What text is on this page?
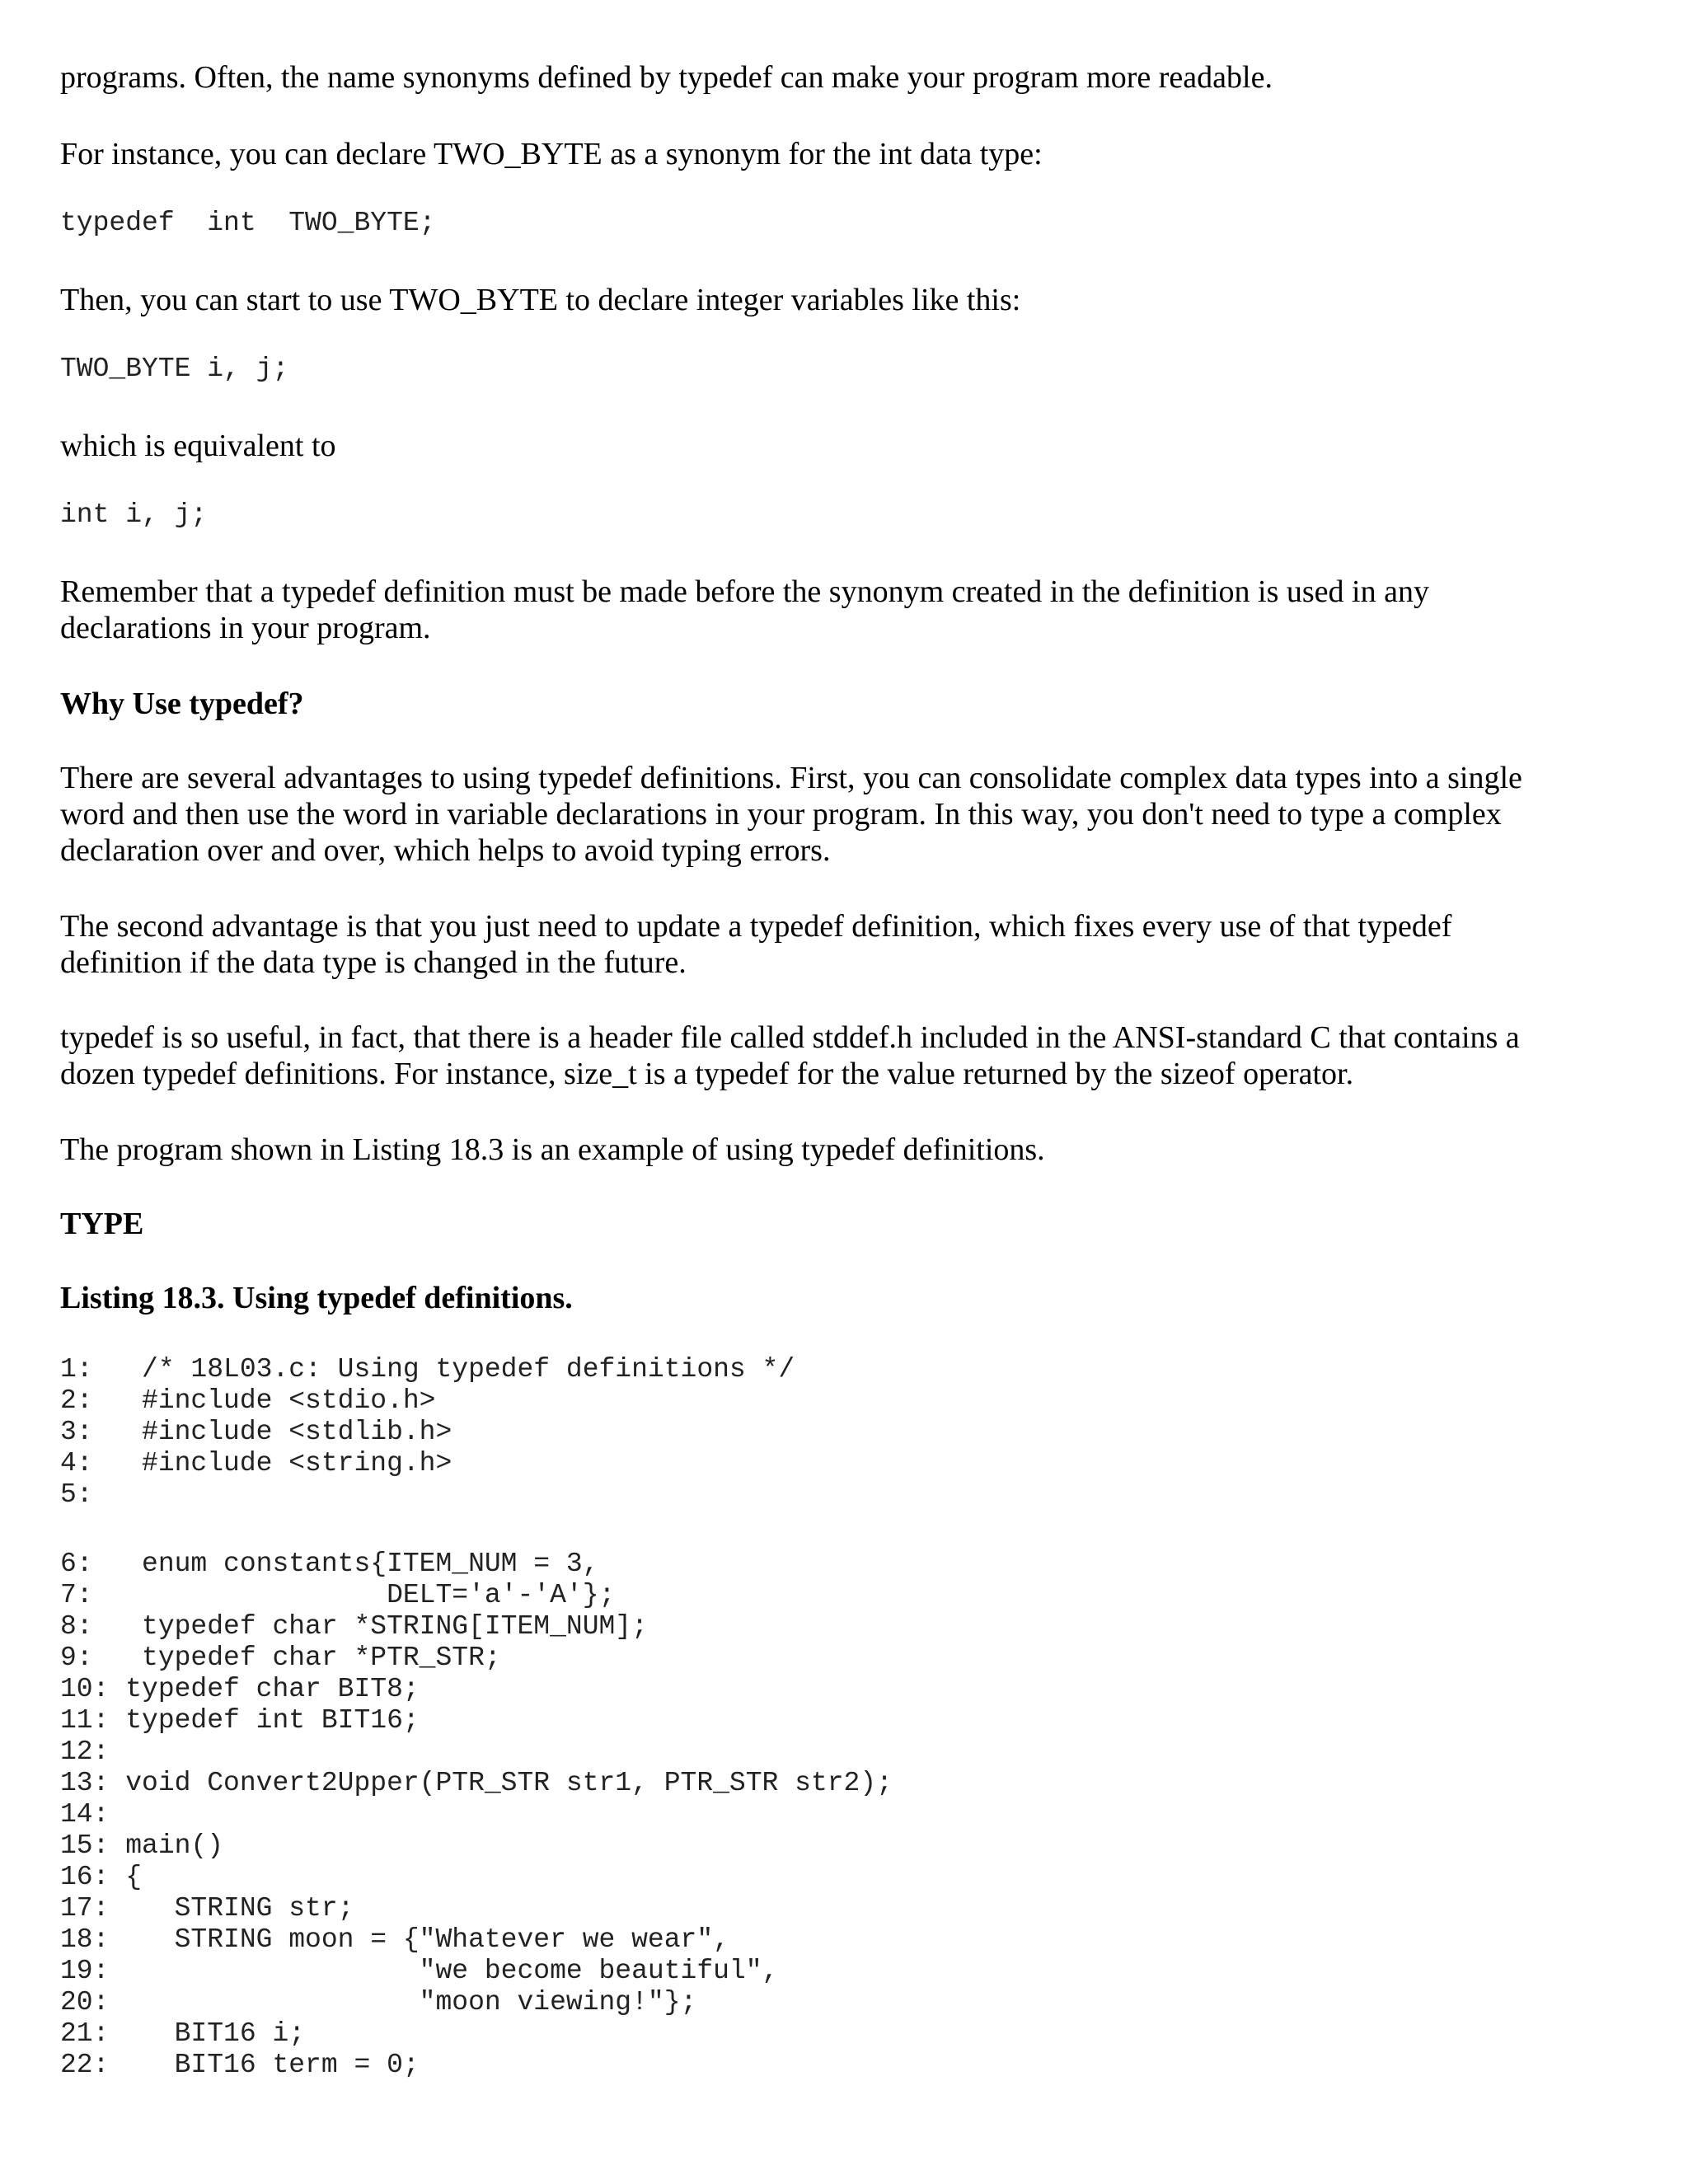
programs. Often, the name synonyms defined by typedef can make your program more readable.

For instance, you can declare TWO_BYTE as a synonym for the int data type:

typedef  int  TWO_BYTE;

Then, you can start to use TWO_BYTE to declare integer variables like this:

TWO_BYTE i, j;

which is equivalent to

int i, j;

Remember that a typedef definition must be made before the synonym created in the definition is used in any

declarations in your program.

Why Use typedef?

There are several advantages to using typedef definitions. First, you can consolidate complex data types into a single

word and then use the word in variable declarations in your program. In this way, you don't need to type a complex

declaration over and over, which helps to avoid typing errors.

The second advantage is that you just need to update a typedef definition, which fixes every use of that typedef

definition if the data type is changed in the future.

typedef is so useful, in fact, that there is a header file called stddef.h included in the ANSI-standard C that contains a

dozen typedef definitions. For instance, size_t is a typedef for the value returned by the sizeof operator.

The program shown in Listing 18.3 is an example of using typedef definitions.

TYPE
Listing 18.3. Using typedef definitions.
1:   /* 18L03.c: Using typedef definitions */
2:   #include <stdio.h>
3:   #include <stdlib.h>
4:   #include <string.h>
5:
6:   enum constants{ITEM_NUM = 3,
7:                  DELT='a'-'A'};
8:   typedef char *STRING[ITEM_NUM];
9:   typedef char *PTR_STR;
10: typedef char BIT8;
11: typedef int BIT16;
12:
13: void Convert2Upper(PTR_STR str1, PTR_STR str2);
14:
15: main()
16: {
17:    STRING str;
18:    STRING moon = {"Whatever we wear",
19:                   "we become beautiful",
20:                   "moon viewing!"};
21:    BIT16 i;
22:    BIT16 term = 0;
